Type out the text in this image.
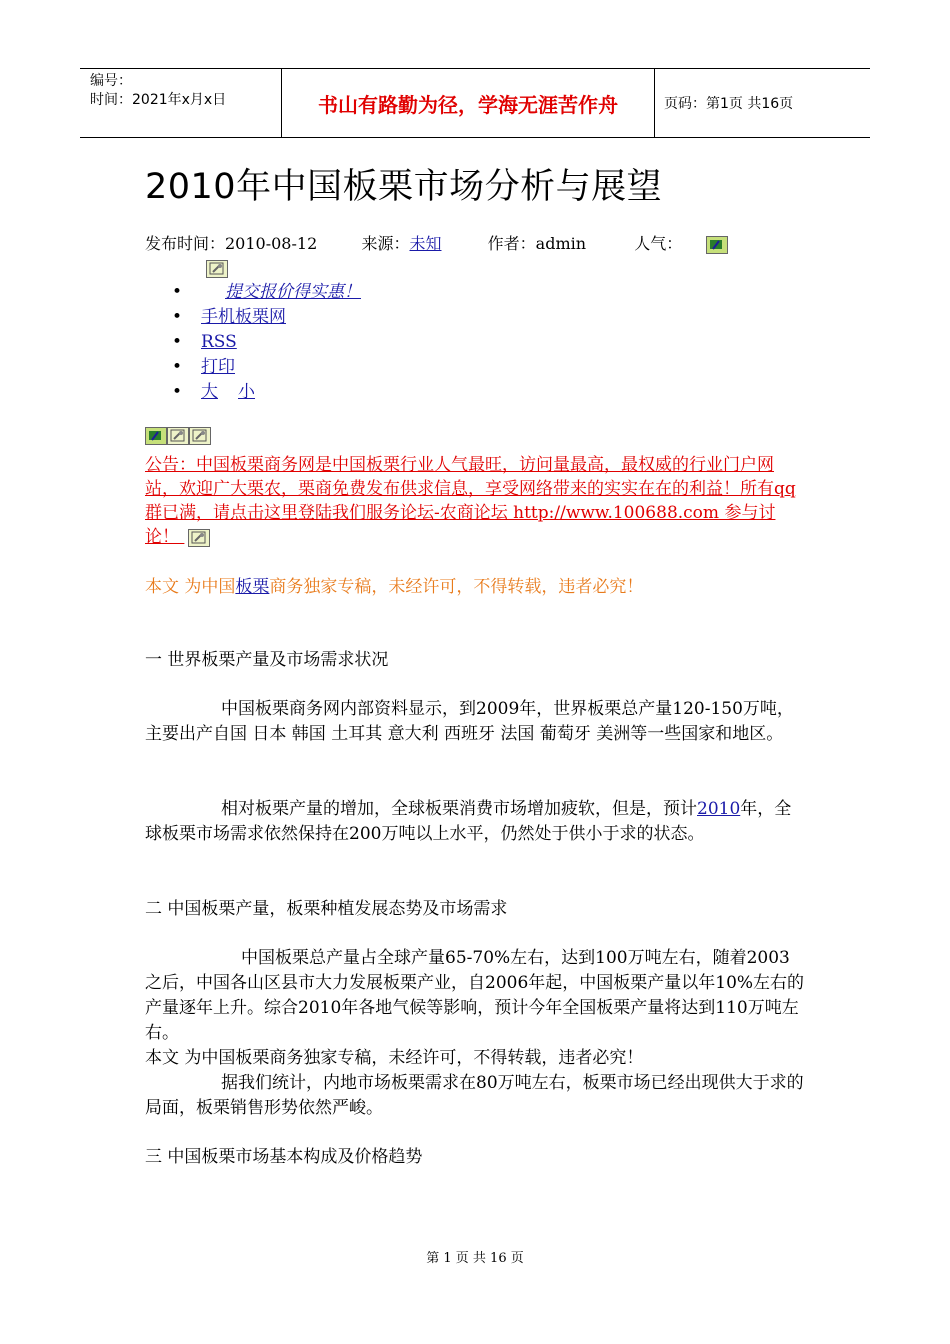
编号：
时间：2021年x月x日	书山有路勤为径，学海无涯苦作舟	页码：第1页 共16页
2010年中国板栗市场分析与展望
发布时间：2010-08-12	来源：未知	作者：admin	人气：

• 提交报价得实惠！
• 手机板栗网
• RSS
• 打印
• 大 小
公告：中国板栗商务网是中国板栗行业人气最旺，访问量最高，最权威的行业门户网站，欢迎广大栗农，栗商免费发布供求信息，享受网络带来的实实在在的利益！所有qq群已满，请点击这里登陆我们服务论坛-农商论坛 http://www.100688.com 参与讨论！
本文 为中国板栗商务独家专稿，未经许可，不得转载，违者必究！
一 世界板栗产量及市场需求状况
中国板栗商务网内部资料显示，到2009年，世界板栗总产量120-150万吨，主要出产自国 日本 韩国 土耳其 意大利 西班牙 法国 葡萄牙 美洲等一些国家和地区。
相对板栗产量的增加，全球板栗消费市场增加疲软，但是，预计2010年，全球板栗市场需求依然保持在200万吨以上水平，仍然处于供小于求的状态。
二 中国板栗产量，板栗种植发展态势及市场需求
中国板栗总产量占全球产量65-70%左右，达到100万吨左右，随着2003之后，中国各山区县市大力发展板栗产业，自2006年起，中国板栗产量以年10%左右的产量逐年上升。综合2010年各地气候等影响，预计今年全国板栗产量将达到110万吨左右。
本文 为中国板栗商务独家专稿，未经许可，不得转载，违者必究！
据我们统计，内地市场板栗需求在80万吨左右，板栗市场已经出现供大于求的局面，板栗销售形势依然严峻。
三 中国板栗市场基本构成及价格趋势
第 1 页 共 16 页
